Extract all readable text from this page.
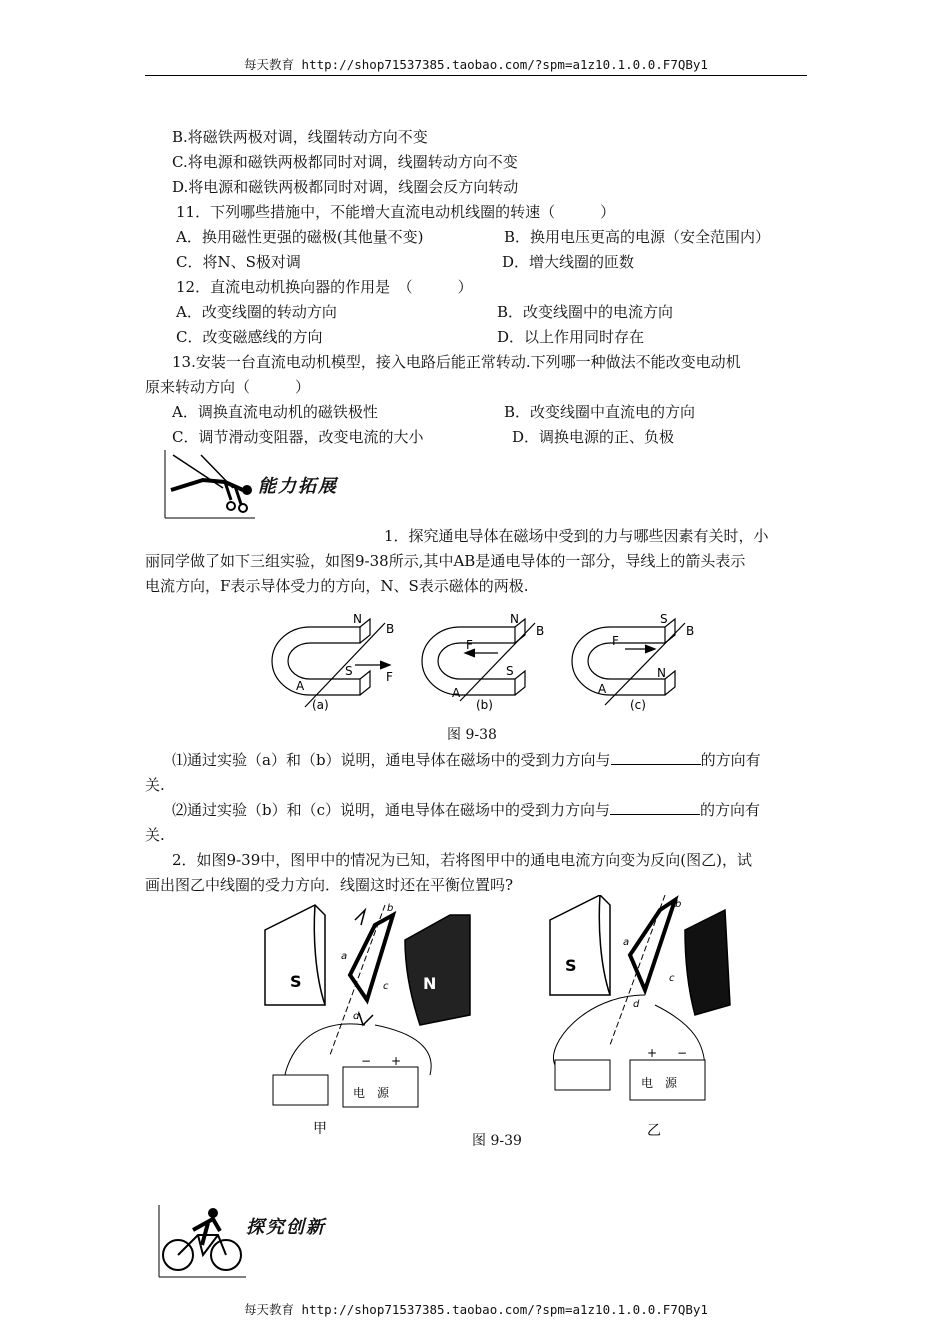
每天教育 http://shop71537385.taobao.com/?spm=a1z10.1.0.0.F7QBy1
B.将磁铁两极对调，线圈转动方向不变
C.将电源和磁铁两极都同时对调，线圈转动方向不变
D.将电源和磁铁两极都同时对调，线圈会反方向转动
11．下列哪些措施中，不能增大直流电动机线圈的转速（　　　）
A．换用磁性更强的磁极(其他量不变)	B．换用电压更高的电源（安全范围内）
C．将N、S极对调	D．增大线圈的匝数
12．直流电动机换向器的作用是　（　　　）
A．改变线圈的转动方向	B．改变线圈中的电流方向
C．改变磁感线的方向	D．以上作用同时存在
13.安装一台直流电动机模型，接入电路后能正常转动.下列哪一种做法不能改变电动机
原来转动方向（　　　）
A．调换直流电动机的磁铁极性	B．改变线圈中直流电的方向
C．调节滑动变阻器，改变电流的大小	D．调换电源的正、负极
能力拓展
1．探究通电导体在磁场中受到的力与哪些因素有关时，小
丽同学做了如下三组实验，如图9-38所示,其中AB是通电导体的一部分，导线上的箭头表示
电流方向，F表示导体受力的方向，N、S表示磁体的两极.
N
S
B
A
F
(a)
N
S
B
A
F
(b)
S
N
B
A
F
(c)
图 9-38
⑴通过实验（a）和（b）说明，通电导体在磁场中的受到力方向与	的方向有
关.
⑵通过实验（b）和（c）说明，通电导体在磁场中的受到力方向与	的方向有
关.
2．如图9-39中，图甲中的情况为已知，若将图甲中的通电电流方向变为反向(图乙)，试
画出图乙中线圈的受力方向．线圈这时还在平衡位置吗?
S	N
a
b
c
d
− +
电　源
甲
S
a
b
c
d
+ −
电　源
乙
图 9-39
探究创新
每天教育 http://shop71537385.taobao.com/?spm=a1z10.1.0.0.F7QBy1
